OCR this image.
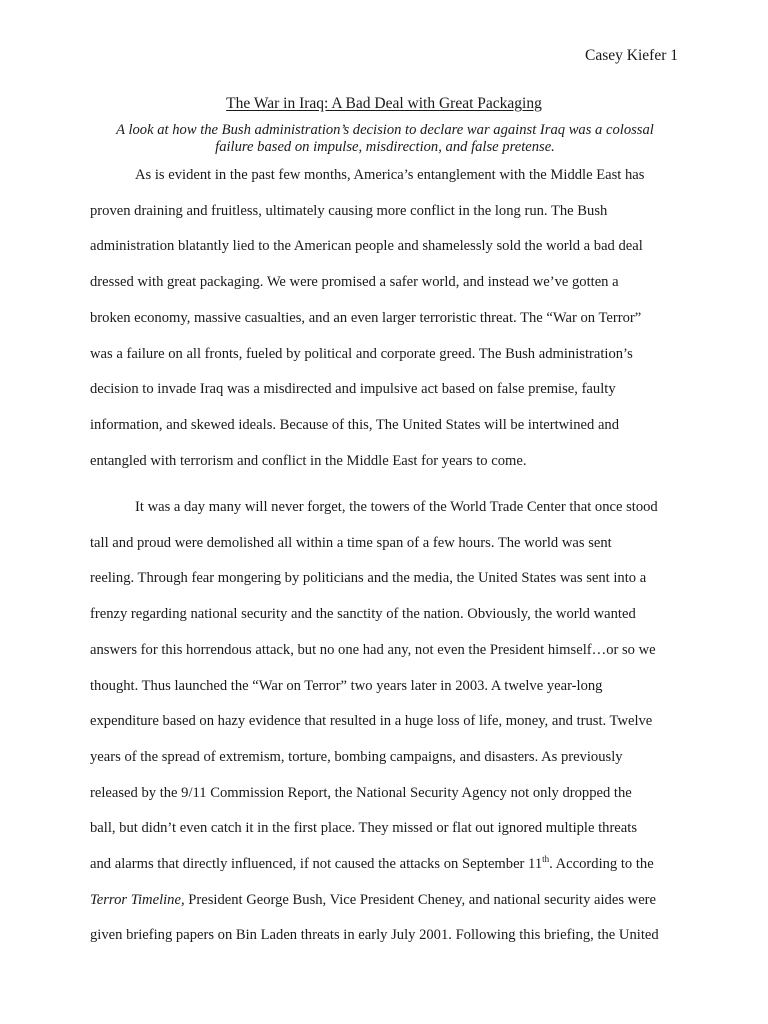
Casey Kiefer 1
The War in Iraq: A Bad Deal with Great Packaging
A look at how the Bush administration’s decision to declare war against Iraq was a colossal
failure based on impulse, misdirection, and false pretense.
As is evident in the past few months, America’s entanglement with the Middle East has
proven draining and fruitless, ultimately causing more conflict in the long run. The Bush
administration blatantly lied to the American people and shamelessly sold the world a bad deal
dressed with great packaging. We were promised a safer world, and instead we’ve gotten a
broken economy, massive casualties, and an even larger terroristic threat. The “War on Terror”
was a failure on all fronts, fueled by political and corporate greed. The Bush administration’s
decision to invade Iraq was a misdirected and impulsive act based on false premise, faulty
information, and skewed ideals. Because of this, The United States will be intertwined and
entangled with terrorism and conflict in the Middle East for years to come.
It was a day many will never forget, the towers of the World Trade Center that once stood
tall and proud were demolished all within a time span of a few hours. The world was sent
reeling. Through fear mongering by politicians and the media, the United States was sent into a
frenzy regarding national security and the sanctity of the nation. Obviously, the world wanted
answers for this horrendous attack, but no one had any, not even the President himself…or so we
thought. Thus launched the “War on Terror” two years later in 2003. A twelve year-long
expenditure based on hazy evidence that resulted in a huge loss of life, money, and trust. Twelve
years of the spread of extremism, torture, bombing campaigns, and disasters. As previously
released by the 9/11 Commission Report, the National Security Agency not only dropped the
ball, but didn’t even catch it in the first place. They missed or flat out ignored multiple threats
and alarms that directly influenced, if not caused the attacks on September 11th. According to the
Terror Timeline, President George Bush, Vice President Cheney, and national security aides were
given briefing papers on Bin Laden threats in early July 2001. Following this briefing, the United
